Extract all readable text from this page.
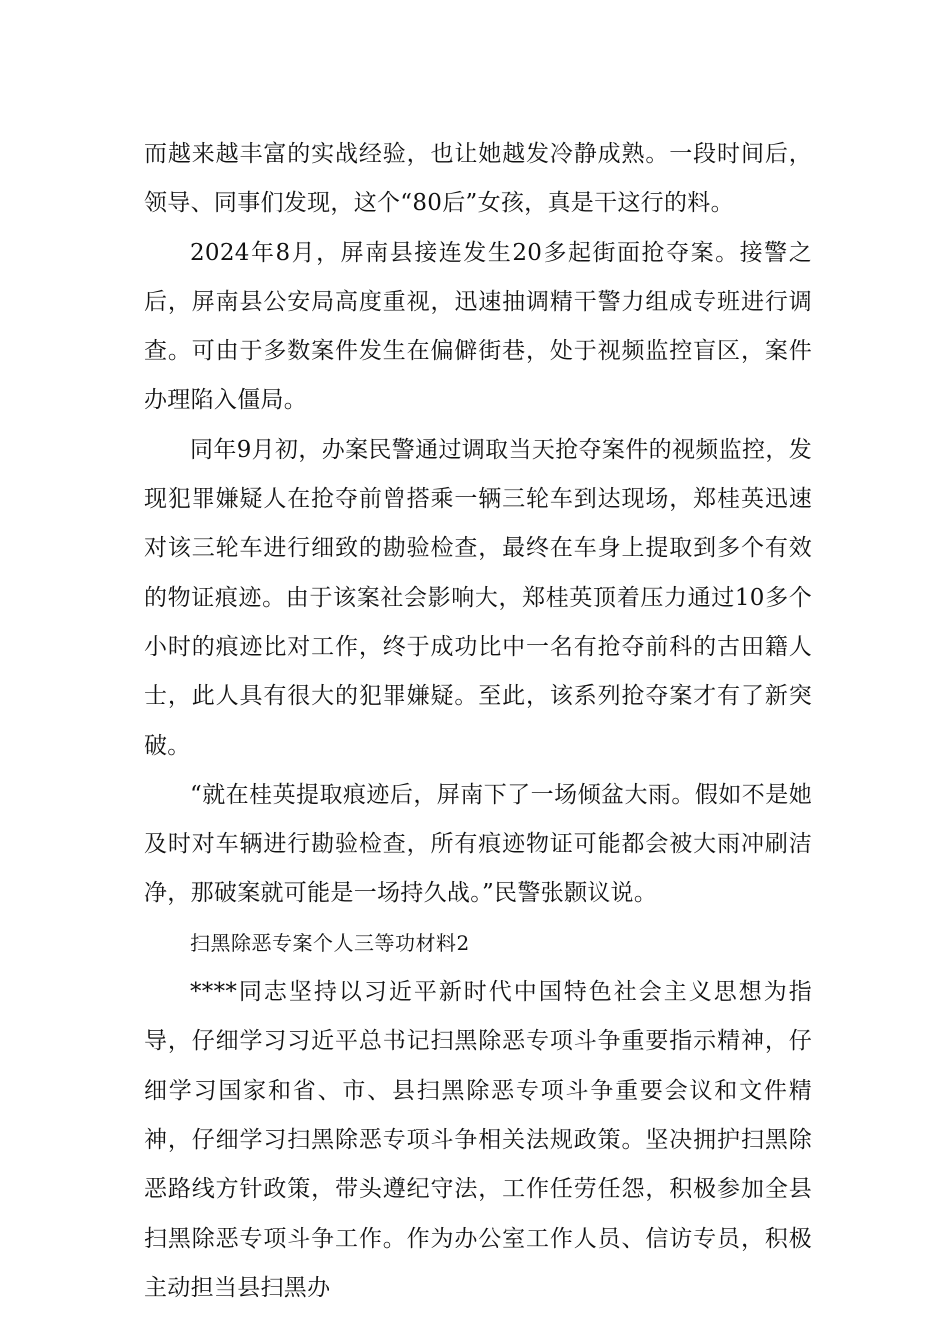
而越来越丰富的实战经验，也让她越发冷静成熟。一段时间后，领导、同事们发现，这个“80后”女孩，真是干这行的料。

2024年8月，屏南县接连发生20多起街面抢夺案。接警之后，屏南县公安局高度重视，迅速抽调精干警力组成专班进行调查。可由于多数案件发生在偏僻街巷，处于视频监控盲区，案件办理陷入僵局。

同年9月初，办案民警通过调取当天抢夺案件的视频监控，发现犯罪嫌疑人在抢夺前曾搭乘一辆三轮车到达现场，郑桂英迅速对该三轮车进行细致的勘验检查，最终在车身上提取到多个有效的物证痕迹。由于该案社会影响大，郑桂英顶着压力通过10多个小时的痕迹比对工作，终于成功比中一名有抢夺前科的古田籍人士，此人具有很大的犯罪嫌疑。至此，该系列抢夺案才有了新突破。

“就在桂英提取痕迹后，屏南下了一场倾盆大雨。假如不是她及时对车辆进行勘验检查，所有痕迹物证可能都会被大雨冲刷洁净，那破案就可能是一场持久战。”民警张颢议说。

扫黑除恶专案个人三等功材料2

****同志坚持以习近平新时代中国特色社会主义思想为指导，仔细学习习近平总书记扫黑除恶专项斗争重要指示精神，仔细学习国家和省、市、县扫黑除恶专项斗争重要会议和文件精神，仔细学习扫黑除恶专项斗争相关法规政策。坚决拥护扫黑除恶路线方针政策，带头遵纪守法，工作任劳任怨，积极参加全县扫黑除恶专项斗争工作。作为办公室工作人员、信访专员，积极主动担当县扫黑办
